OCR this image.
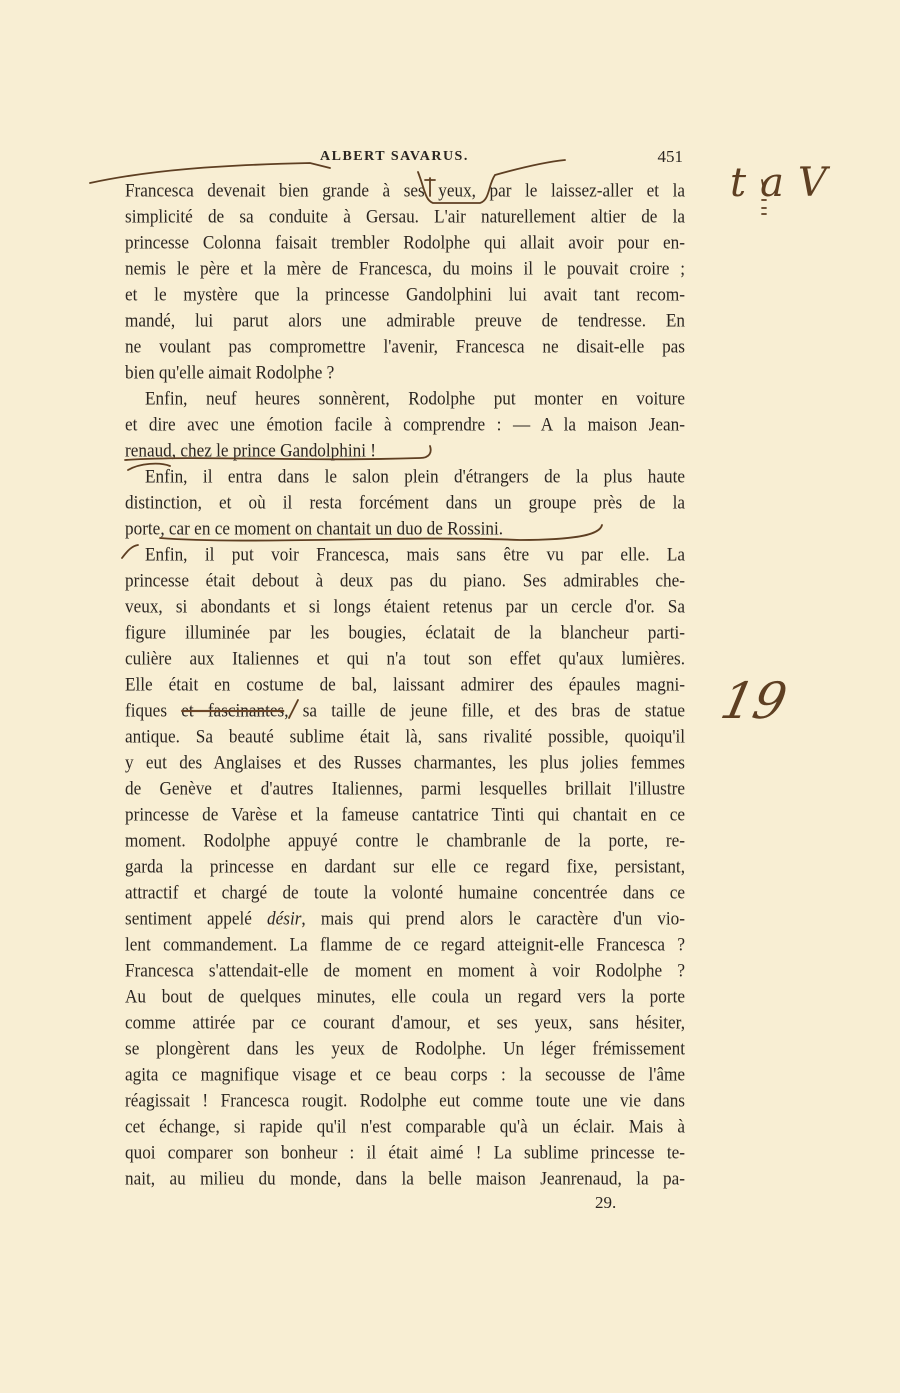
ALBERT SAVARUS.	451
Francesca devenait bien grande à ses yeux, par le laissez-aller et la
simplicité de sa conduite à Gersau. L'air naturellement altier de la
princesse Colonna faisait trembler Rodolphe qui allait avoir pour en-
nemis le père et la mère de Francesca, du moins il le pouvait croire ;
et le mystère que la princesse Gandolphini lui avait tant recom-
mandé, lui parut alors une admirable preuve de tendresse. En
ne voulant pas compromettre l'avenir, Francesca ne disait-elle pas
bien qu'elle aimait Rodolphe ?
Enfin, neuf heures sonnèrent, Rodolphe put monter en voiture
et dire avec une émotion facile à comprendre : — A la maison Jean-
renaud, chez le prince Gandolphini !
Enfin, il entra dans le salon plein d'étrangers de la plus haute
distinction, et où il resta forcément dans un groupe près de la
porte, car en ce moment on chantait un duo de Rossini.
Enfin, il put voir Francesca, mais sans être vu par elle. La
princesse était debout à deux pas du piano. Ses admirables che-
veux, si abondants et si longs étaient retenus par un cercle d'or. Sa
figure illuminée par les bougies, éclatait de la blancheur parti-
culière aux Italiennes et qui n'a tout son effet qu'aux lumières.
Elle était en costume de bal, laissant admirer des épaules magni-
fiques et fascinantes, sa taille de jeune fille, et des bras de statue
antique. Sa beauté sublime était là, sans rivalité possible, quoiqu'il
y eut des Anglaises et des Russes charmantes, les plus jolies femmes
de Genève et d'autres Italiennes, parmi lesquelles brillait l'illustre
princesse de Varèse et la fameuse cantatrice Tinti qui chantait en ce
moment. Rodolphe appuyé contre le chambranle de la porte, re-
garda la princesse en dardant sur elle ce regard fixe, persistant,
attractif et chargé de toute la volonté humaine concentrée dans ce
sentiment appelé désir, mais qui prend alors le caractère d'un vio-
lent commandement. La flamme de ce regard atteignit-elle Francesca ?
Francesca s'attendait-elle de moment en moment à voir Rodolphe ?
Au bout de quelques minutes, elle coula un regard vers la porte
comme attirée par ce courant d'amour, et ses yeux, sans hésiter,
se plongèrent dans les yeux de Rodolphe. Un léger frémissement
agita ce magnifique visage et ce beau corps : la secousse de l'âme
réagissait ! Francesca rougit. Rodolphe eut comme toute une vie dans
cet échange, si rapide qu'il n'est comparable qu'à un éclair. Mais à
quoi comparer son bonheur : il était aimé ! La sublime princesse te-
nait, au milieu du monde, dans la belle maison Jeanrenaud, la pa-
29.
taV
19
